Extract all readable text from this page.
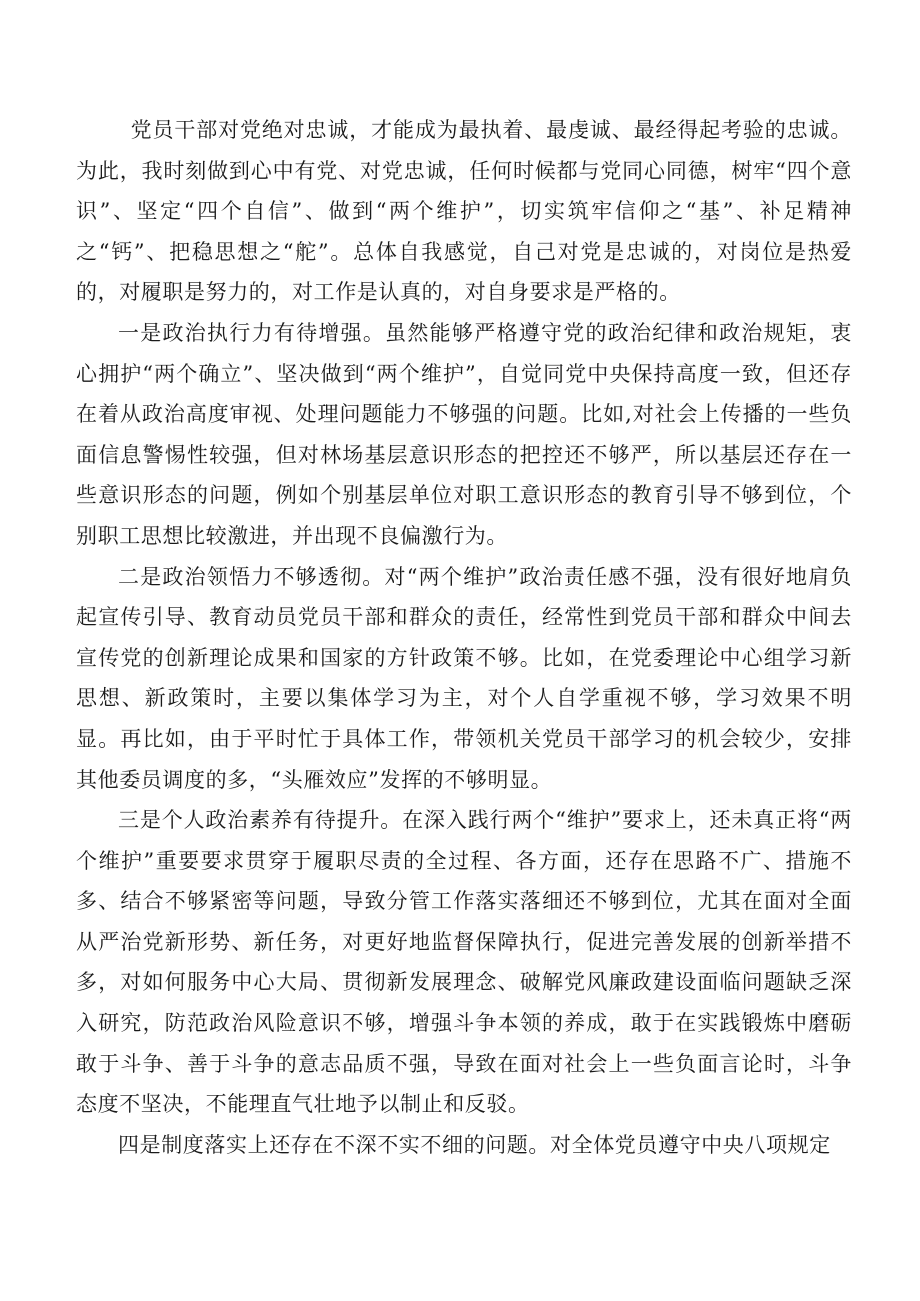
党员干部对党绝对忠诚，才能成为最执着、最虔诚、最经得起考验的忠诚。为此，我时刻做到心中有党、对党忠诚，任何时候都与党同心同德，树牢“四个意识”、坚定“四个自信”、做到“两个维护”，切实筑牢信仰之“基”、补足精神之“钙”、把稳思想之“舵”。总体自我感觉，自己对党是忠诚的，对岗位是热爱的，对履职是努力的，对工作是认真的，对自身要求是严格的。

一是政治执行力有待增强。虽然能够严格遵守党的政治纪律和政治规矩，衷心拥护“两个确立”、坚决做到“两个维护”，自觉同党中央保持高度一致，但还存在着从政治高度审视、处理问题能力不够强的问题。比如,对社会上传播的一些负面信息警惕性较强，但对林场基层意识形态的把控还不够严，所以基层还存在一些意识形态的问题，例如个别基层单位对职工意识形态的教育引导不够到位，个别职工思想比较激进，并出现不良偏激行为。

二是政治领悟力不够透彻。对“两个维护”政治责任感不强，没有很好地肩负起宣传引导、教育动员党员干部和群众的责任，经常性到党员干部和群众中间去宣传党的创新理论成果和国家的方针政策不够。比如，在党委理论中心组学习新思想、新政策时，主要以集体学习为主，对个人自学重视不够，学习效果不明显。再比如，由于平时忙于具体工作，带领机关党员干部学习的机会较少，安排其他委员调度的多，“头雁效应”发挥的不够明显。

三是个人政治素养有待提升。在深入践行两个“维护”要求上，还未真正将“两个维护”重要要求贯穿于履职尽责的全过程、各方面，还存在思路不广、措施不多、结合不够紧密等问题，导致分管工作落实落细还不够到位，尤其在面对全面从严治党新形势、新任务，对更好地监督保障执行，促进完善发展的创新举措不多，对如何服务中心大局、贯彻新发展理念、破解党风廉政建设面临问题缺乏深入研究，防范政治风险意识不够，增强斗争本领的养成，敢于在实践锻炼中磨砺敢于斗争、善于斗争的意志品质不强，导致在面对社会上一些负面言论时，斗争态度不坚决，不能理直气壮地予以制止和反驳。

四是制度落实上还存在不深不实不细的问题。对全体党员遵守中央八项规定
